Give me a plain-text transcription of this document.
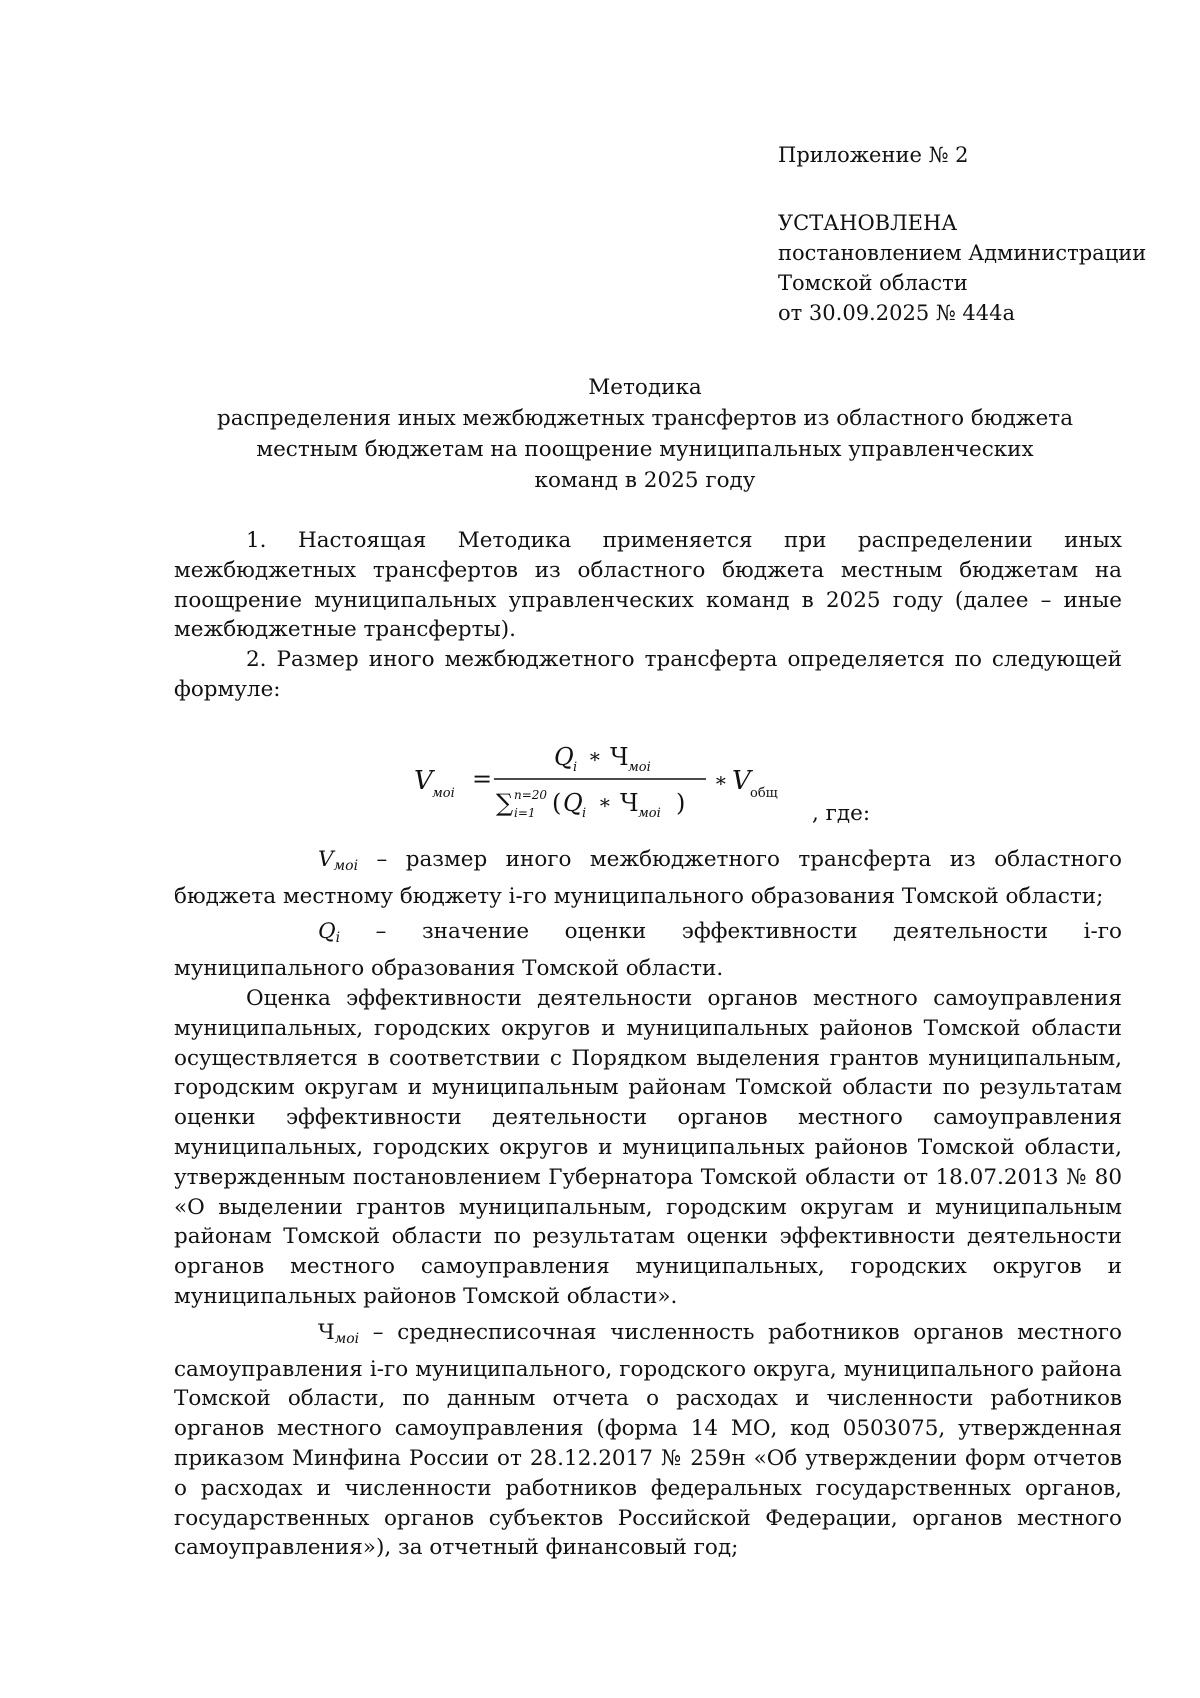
Приложение № 2
УСТАНОВЛЕНА
постановлением Администрации
Томской области
от 30.09.2025 № 444а
Методика
распределения иных межбюджетных трансфертов из областного бюджета
местным бюджетам на поощрение муниципальных управленческих
команд в 2025 году

1. Настоящая Методика применяется при распределении иных межбюджетных трансфертов из областного бюджета местным бюджетам на поощрение муниципальных управленческих команд в 2025 году (далее – иные межбюджетные трансферты).

2. Размер иного межбюджетного трансферта определяется по следующей формуле:

V моi
=
Q i ∗ Ч моi
∑ n=20
i=1 ( Q i ∗ Ч моi )
∗ V общ
, где:

$V_{моi}$ – размер иного межбюджетного трансферта из областного бюджета местному бюджету i-го муниципального образования Томской области;

$Q_i$ – значение оценки эффективности деятельности i-го муниципального образования Томской области.

Оценка эффективности деятельности органов местного самоуправления муниципальных, городских округов и муниципальных районов Томской области осуществляется в соответствии с Порядком выделения грантов муниципальным, городским округам и муниципальным районам Томской области по результатам оценки эффективности деятельности органов местного самоуправления муниципальных, городских округов и муниципальных районов Томской области, утвержденным постановлением Губернатора Томской области от 18.07.2013 № 80 «О выделении грантов муниципальным, городским округам и муниципальным районам Томской области по результатам оценки эффективности деятельности органов местного самоуправления муниципальных, городских округов и муниципальных районов Томской области».

$Ч_{моi}$ – среднесписочная численность работников органов местного самоуправления i-го муниципального, городского округа, муниципального района Томской области, по данным отчета о расходах и численности работников органов местного самоуправления (форма 14 МО, код 0503075, утвержденная приказом Минфина России от 28.12.2017 № 259н «Об утверждении форм отчетов о расходах и численности работников федеральных государственных органов, государственных органов субъектов Российской Федерации, органов местного самоуправления»), за отчетный финансовый год;
